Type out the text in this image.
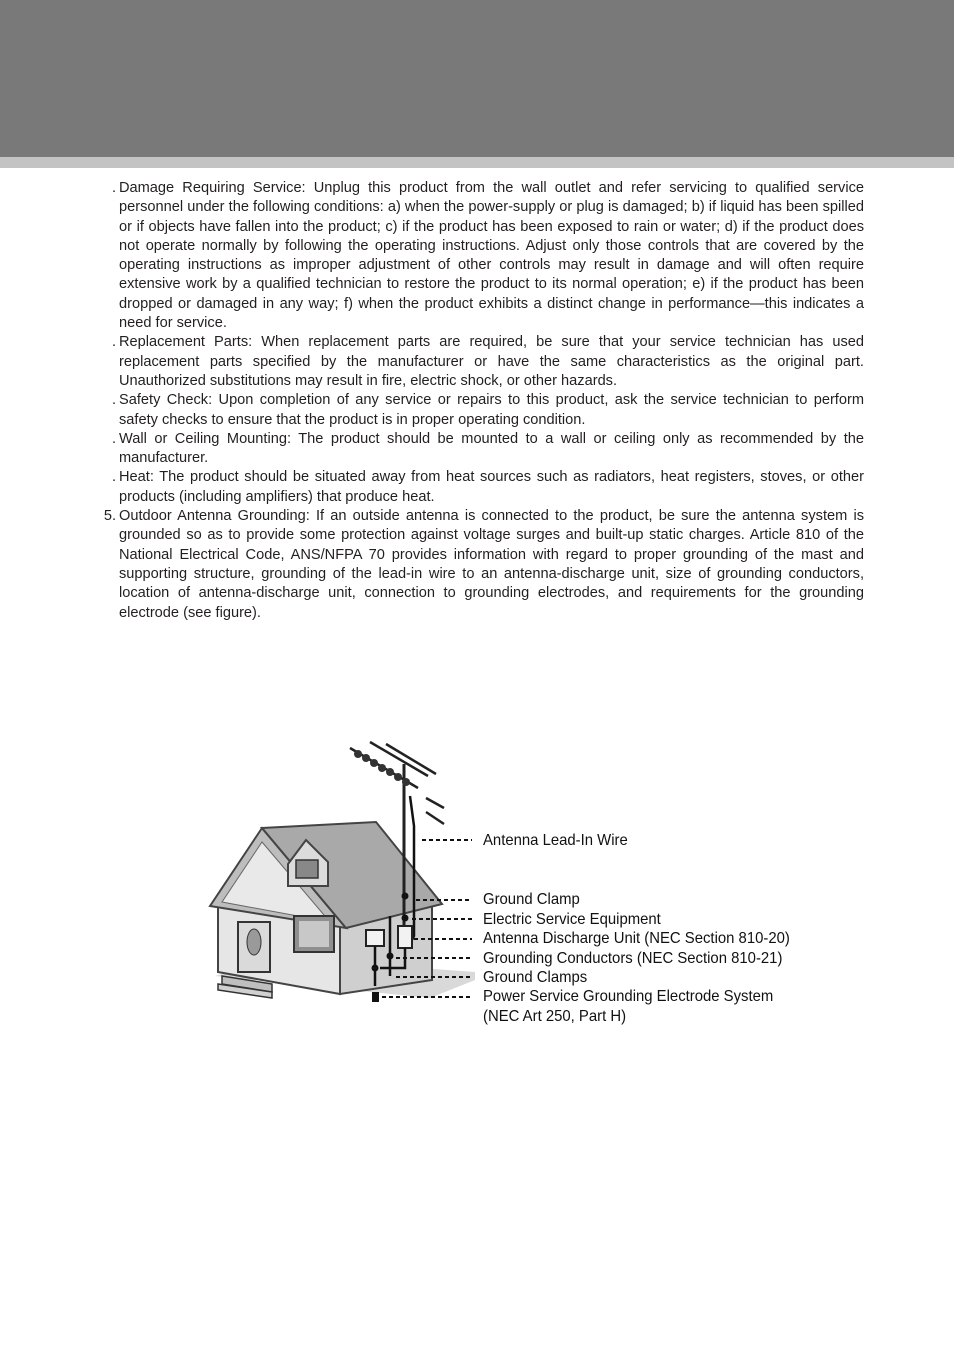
. Damage Requiring Service: Unplug this product from the wall outlet and refer servicing to qualified service personnel under the following conditions: a) when the power-supply or plug is damaged; b) if liquid has been spilled or if objects have fallen into the product; c) if the product has been exposed to rain or water; d) if the product does not operate normally by following the operating instructions. Adjust only those controls that are covered by the operating instructions as improper adjustment of other controls may result in damage and will often require extensive work by a qualified technician to restore the product to its normal operation; e) if the product has been dropped or damaged in any way; f) when the product exhibits a distinct change in performance—this indicates a need for service.
. Replacement Parts: When replacement parts are required, be sure that your service technician has used replacement parts specified by the manufacturer or have the same characteristics as the original part. Unauthorized substitutions may result in fire, electric shock, or other hazards.
. Safety Check: Upon completion of any service or repairs to this product, ask the service technician to perform safety checks to ensure that the product is in proper operating condition.
. Wall or Ceiling Mounting: The product should be mounted to a wall or ceiling only as recommended by the manufacturer.
. Heat: The product should be situated away from heat sources such as radiators, heat registers, stoves, or other products (including amplifiers) that produce heat.
5. Outdoor Antenna Grounding: If an outside antenna is connected to the product, be sure the antenna system is grounded so as to provide some protection against voltage surges and built-up static charges. Article 810 of the National Electrical Code, ANS/NFPA 70 provides information with regard to proper grounding of the mast and supporting structure, grounding of the lead-in wire to an antenna-discharge unit, size of grounding conductors, location of antenna-discharge unit, connection to grounding electrodes, and requirements for the grounding electrode (see figure).
Antenna Lead-In Wire
Ground Clamp
Electric Service Equipment
Antenna Discharge Unit (NEC Section 810-20)
Grounding Conductors (NEC Section 810-21)
Ground Clamps
Power Service Grounding Electrode System
(NEC Art 250, Part H)
